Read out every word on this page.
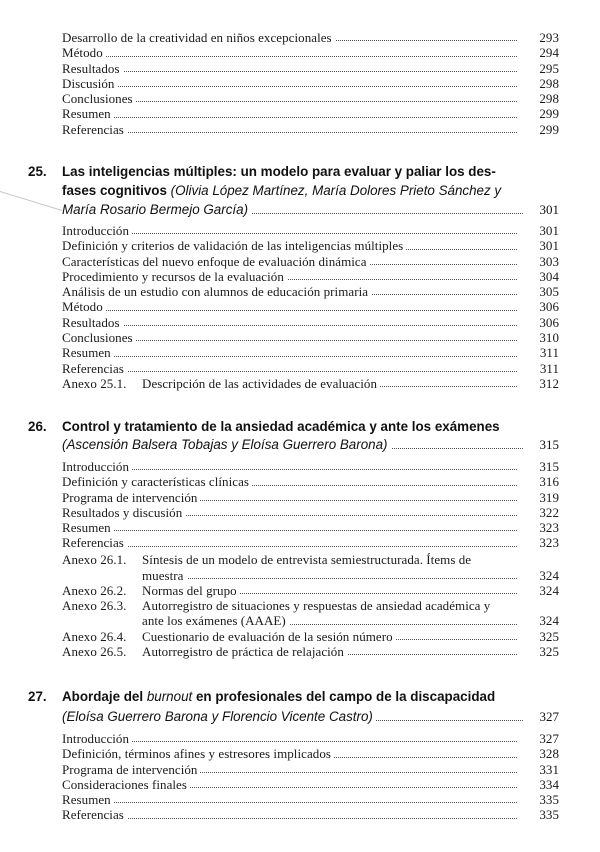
Desarrollo de la creatividad en niños excepcionales	293
Método	294
Resultados	295
Discusión	298
Conclusiones	298
Resumen	299
Referencias	299
25. Las inteligencias múltiples: un modelo para evaluar y paliar los des-
fases cognitivos (Olivia López Martínez, María Dolores Prieto Sánchez y
María Rosario Bermejo García)	301
Introducción	301
Definición y criterios de validación de las inteligencias múltiples	301
Características del nuevo enfoque de evaluación dinámica	303
Procedimiento y recursos de la evaluación	304
Análisis de un estudio con alumnos de educación primaria	305
Método	306
Resultados	306
Conclusiones	310
Resumen	311
Referencias	311
Anexo 25.1. Descripción de las actividades de evaluación	312
26. Control y tratamiento de la ansiedad académica y ante los exámenes
(Ascensión Balsera Tobajas y Eloísa Guerrero Barona)	315
Introducción	315
Definición y características clínicas	316
Programa de intervención	319
Resultados y discusión	322
Resumen	323
Referencias	323
Anexo 26.1. Síntesis de un modelo de entrevista semiestructurada. Ítems de
muestra	324
Anexo 26.2. Normas del grupo	324
Anexo 26.3. Autorregistro de situaciones y respuestas de ansiedad académica y
ante los exámenes (AAAE)	324
Anexo 26.4. Cuestionario de evaluación de la sesión número	325
Anexo 26.5. Autorregistro de práctica de relajación	325
27. Abordaje del burnout en profesionales del campo de la discapacidad
(Eloísa Guerrero Barona y Florencio Vicente Castro)	327
Introducción	327
Definición, términos afines y estresores implicados	328
Programa de intervención	331
Consideraciones finales	334
Resumen	335
Referencias	335
